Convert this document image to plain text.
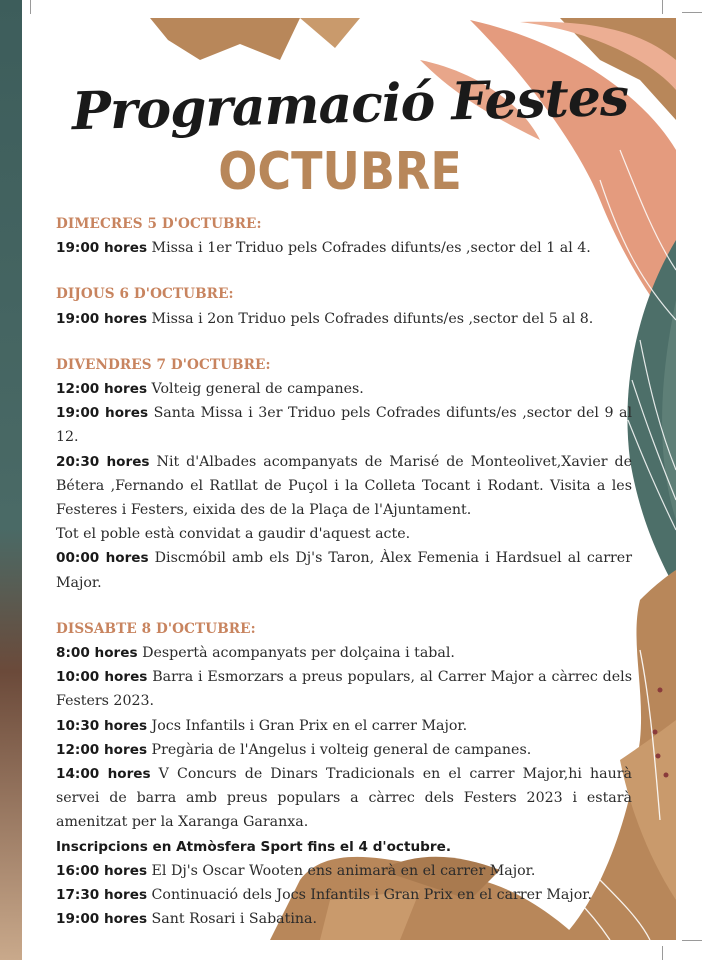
Programació Festes
OCTUBRE

DIMECRES 5 D'OCTUBRE:

19:00 hores Missa i 1er Triduo pels Cofrades difunts/es ,sector del 1 al 4.

DIJOUS 6 D'OCTUBRE:

19:00 hores Missa i 2on Triduo pels Cofrades difunts/es ,sector del 5 al 8.

DIVENDRES 7 D'OCTUBRE:

12:00 hores Volteig general de campanes.

19:00 hores Santa Missa i 3er Triduo pels Cofrades difunts/es ,sector del 9 al 12.

20:30 hores Nit d'Albades acompanyats de Marisé de Monteolivet,Xavier de Bétera ,Fernando el Ratllat de Puçol i la Colleta Tocant i Rodant. Visita a les Festeres i Festers, eixida des de la Plaça de l'Ajuntament.

Tot el poble està convidat a gaudir d'aquest acte.

00:00 hores Discmóbil amb els Dj's Taron, Àlex Femenia i Hardsuel al carrer Major.

DISSABTE 8 D'OCTUBRE:

8:00 hores Despertà acompanyats per dolçaina i tabal.

10:00 hores Barra i Esmorzars a preus populars, al Carrer Major a càrrec dels Festers 2023.

10:30 hores Jocs Infantils i Gran Prix en el carrer Major.

12:00 hores Pregària de l'Angelus i volteig general de campanes.

14:00 hores V Concurs de Dinars Tradicionals en el carrer Major,hi haurà servei de barra amb preus populars a càrrec dels Festers 2023 i estarà amenitzat per la Xaranga Garanxa.

Inscripcions en Atmòsfera Sport fins el 4 d'octubre.

16:00 hores El Dj's Oscar Wooten ens animarà en el carrer Major.

17:30 hores Continuació dels Jocs Infantils i Gran Prix en el carrer Major.

19:00 hores Sant Rosari i Sabatina.
